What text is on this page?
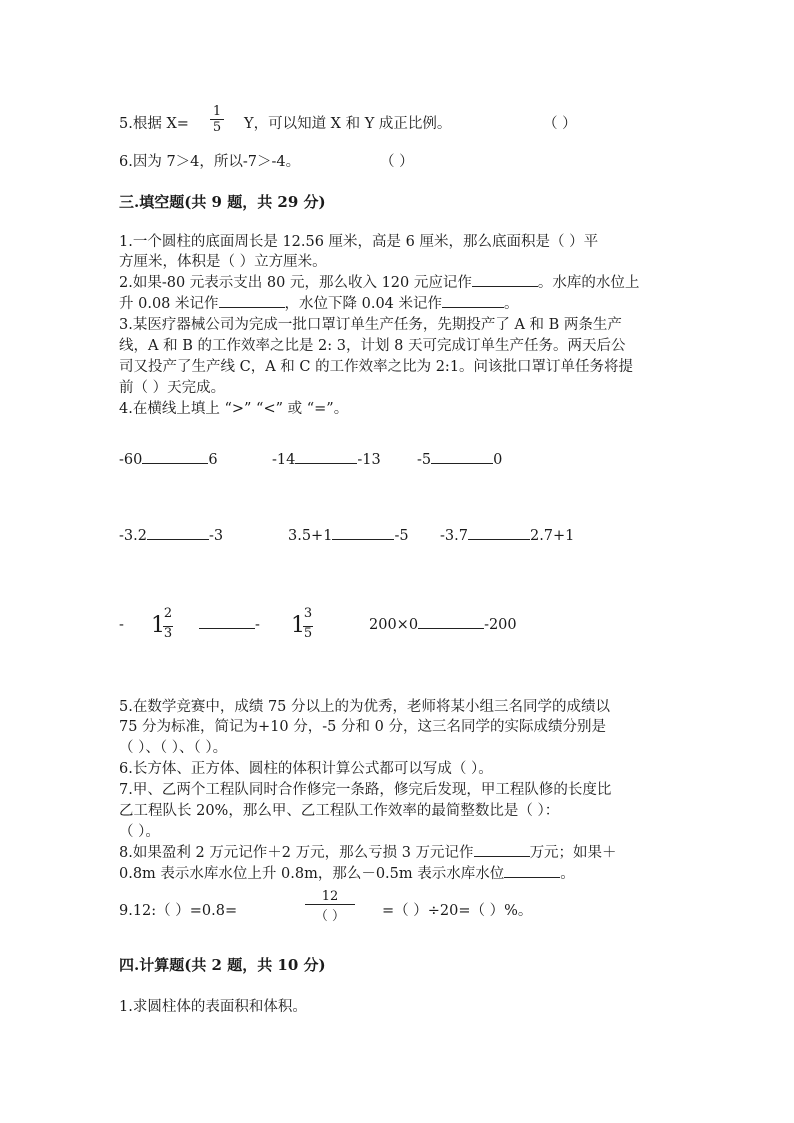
5.根据 $X= \frac{1}{5}$ Y，可以知道 X 和 Y 成正比例。	（ ）
6.因为 7＞4，所以-7＞-4。	（ ）
三.填空题(共 9 题，共 29 分)
1.一个圆柱的底面周长是 12.56 厘米，高是 6 厘米，那么底面积是（ ）平
方厘米，体积是（ ）立方厘米。
2.如果-80 元表示支出 80 元，那么收入 120 元应记作	。水库的水位上
升 0.08 米记作	，水位下降 0.04 米记作	。
3.某医疗器械公司为完成一批口罩订单生产任务，先期投产了 A 和 B 两条生产
线，A 和 B 的工作效率之比是 2: 3，计划 8 天可完成订单生产任务。两天后公
司又投产了生产线 C，A 和 C 的工作效率之比为 2:1。问该批口罩订单任务将提
前（ ）天完成。
4.在横线上填上 “>” “<” 或 “=”。
-60	6	-14	-13	-5	0
-3.2	-3	3.5+1	-5 -3.7	2.7+1
- 1
2
3
- 1
3
5
200×0	-200
5.在数学竞赛中，成绩 75 分以上的为优秀，老师将某小组三名同学的成绩以
75 分为标准，简记为+10 分，-5 分和 0 分，这三名同学的实际成绩分别是
（ ）、（ ）、（ ）。
6.长方体、正方体、圆柱的体积计算公式都可以写成（ ）。
7.甲、乙两个工程队同时合作修完一条路，修完后发现，甲工程队修的长度比
乙工程队长 20%，那么甲、乙工程队工作效率的最简整数比是（ ）：
（ ）。
8.如果盈利 2 万元记作＋2 万元，那么亏损 3 万元记作	万元；如果＋
0.8m 表示水库水位上升 0.8m，那么－0.5m 表示水库水位	。
9.12:（ ）=0.8=
12
（ ）	=（ ）÷20=（ ）%。
四.计算题(共 2 题，共 10 分)
1.求圆柱体的表面积和体积。
